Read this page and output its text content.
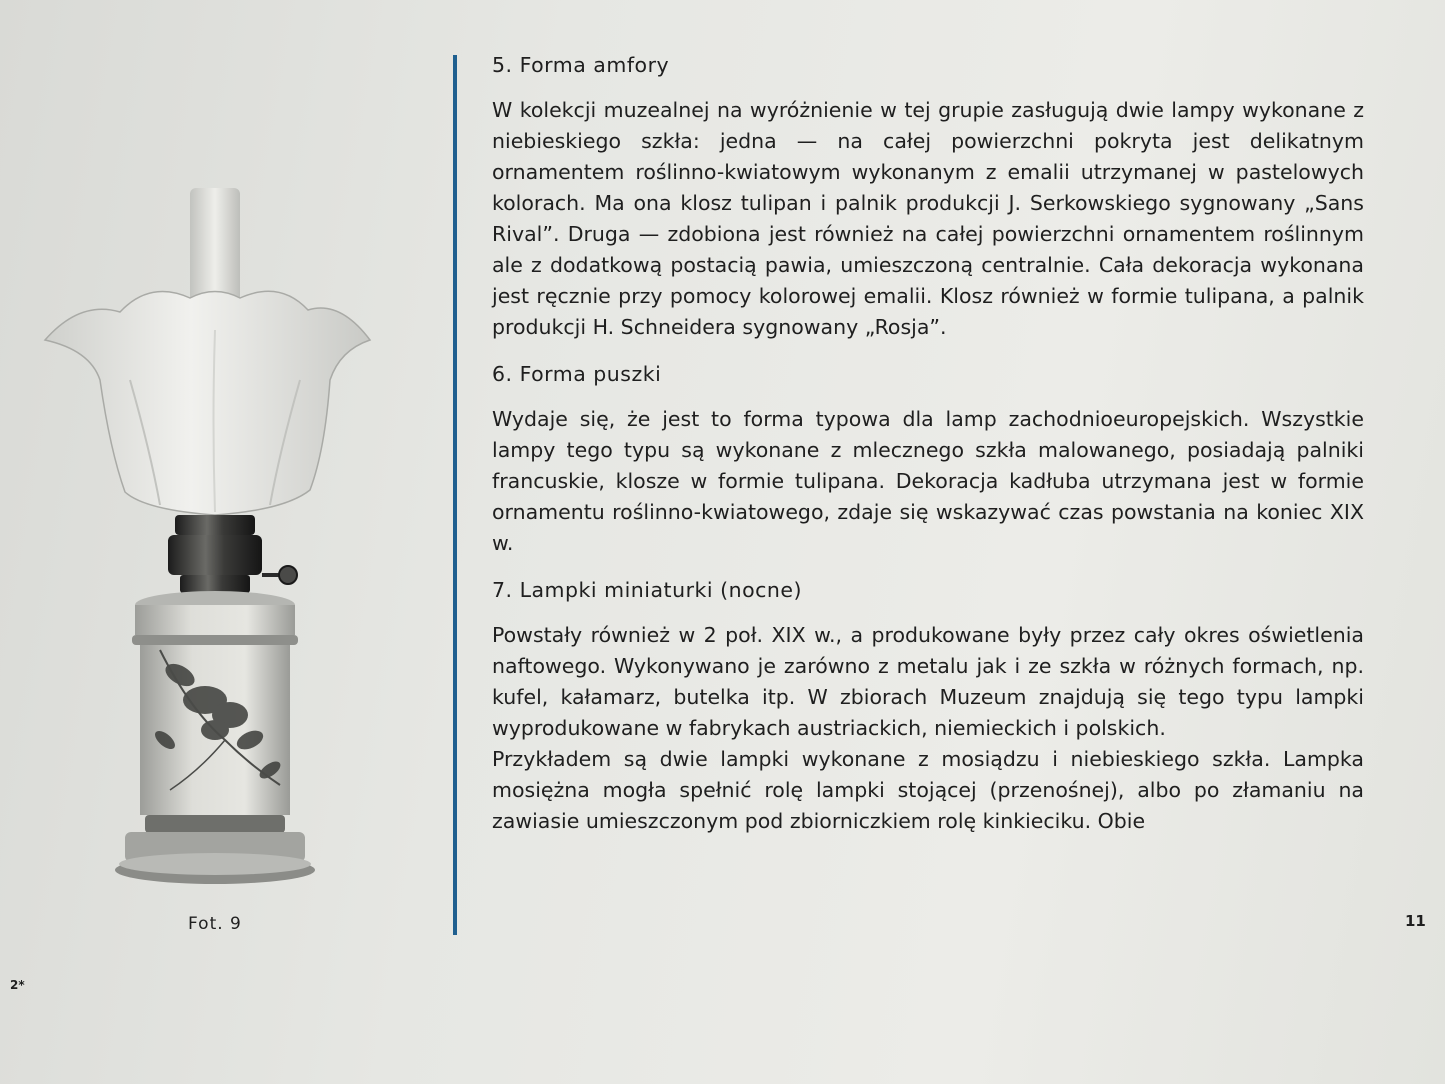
Fot. 9
5. Forma amfory

W kolekcji muzealnej na wyróżnienie w tej grupie zasługują dwie lampy wykonane z niebieskiego szkła: jedna — na całej powierzchni pokryta jest delikatnym ornamentem roślinno-kwiatowym wykonanym z emalii utrzymanej w pastelowych kolorach. Ma ona klosz tulipan i palnik produkcji J. Serkowskiego sygnowany „Sans Rival”. Druga — zdobiona jest również na całej powierzchni ornamentem roślinnym ale z dodatkową postacią pawia, umieszczoną centralnie. Cała dekoracja wykonana jest ręcznie przy pomocy kolorowej emalii. Klosz również w formie tulipana, a palnik produkcji H. Schneidera sygnowany „Rosja”.

6. Forma puszki

Wydaje się, że jest to forma typowa dla lamp zachodnioeuropejskich. Wszystkie lampy tego typu są wykonane z mlecznego szkła malowanego, posiadają palniki francuskie, klosze w formie tulipana. Dekoracja kadłuba utrzymana jest w formie ornamentu roślinno-kwiatowego, zdaje się wskazywać czas powstania na koniec XIX w.

7. Lampki miniaturki (nocne)

Powstały również w 2 poł. XIX w., a produkowane były przez cały okres oświetlenia naftowego. Wykonywano je zarówno z metalu jak i ze szkła w różnych formach, np. kufel, kałamarz, butelka itp. W zbiorach Muzeum znajdują się tego typu lampki wyprodukowane w fabrykach austriackich, niemieckich i polskich.

Przykładem są dwie lampki wykonane z mosiądzu i niebieskiego szkła. Lampka mosiężna mogła spełnić rolę lampki stojącej (przenośnej), albo po złamaniu na zawiasie umieszczonym pod zbiorniczkiem rolę kinkieciku. Obie

11
2*
